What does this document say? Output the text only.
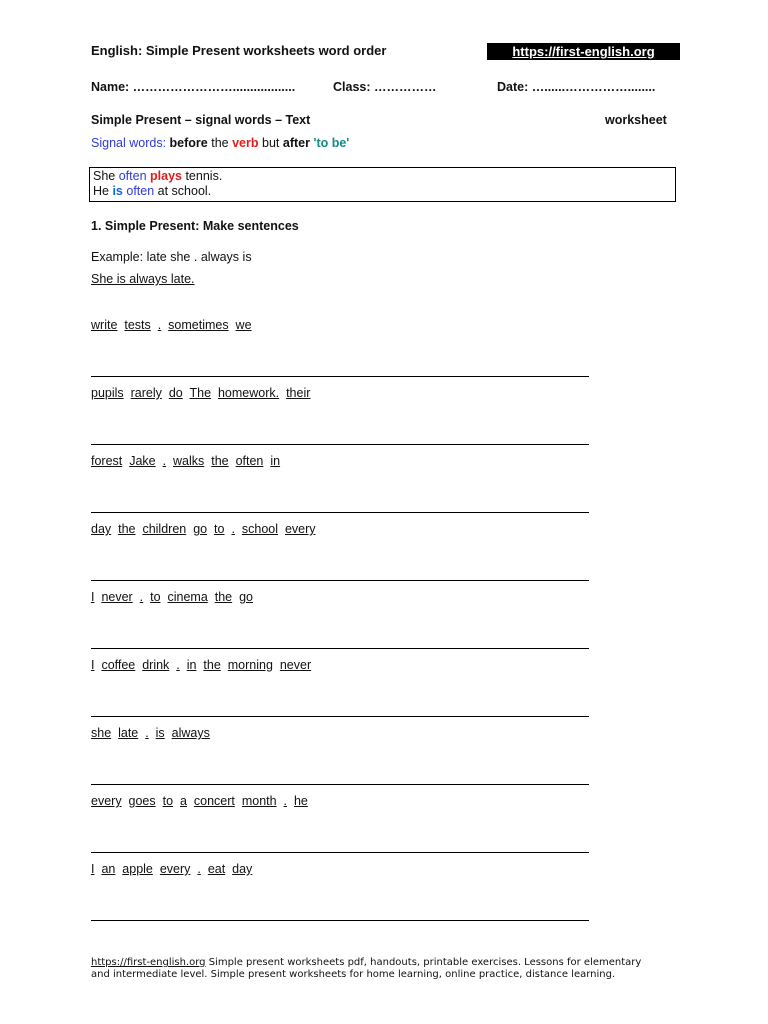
English: Simple Present worksheets word order	https://first-english.org
Name: ……………………..................	Class: ……………	Date: …......……………........
Simple Present – signal words – Text	worksheet
Signal words: before the verb but after 'to be'
She often plays tennis.
He is often at school.
1. Simple Present: Make sentences
Example: late she . always is
She is always late.
write tests . sometimes we
pupils rarely do The homework. their
forest Jake . walks the often in
day the children go to . school every
I never . to cinema the go
I coffee drink . in the morning never
she late . is always
every goes to a concert month . he
I an apple every . eat day
https://first-english.org Simple present worksheets pdf, handouts, printable exercises. Lessons for elementary
and intermediate level. Simple present worksheets for home learning, online practice, distance learning.
